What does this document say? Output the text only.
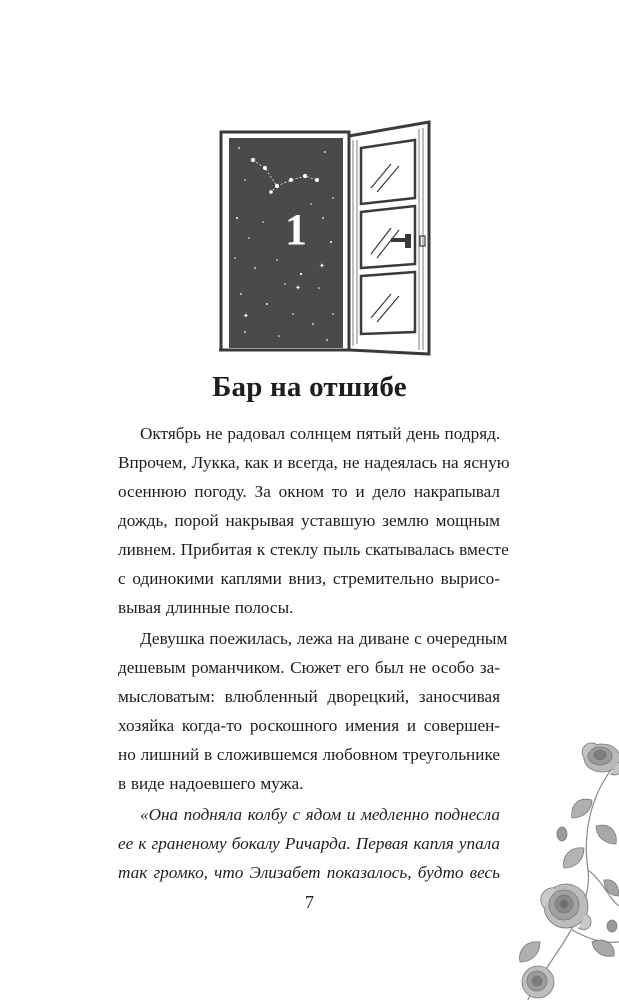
✦
✦
✦
1
Бар на отшибе

Октябрь не радовал солнцем пятый день подряд.
Впрочем, Лукка, как и всегда, не надеялась на ясную
осеннюю погоду. За окном то и дело накрапывал
дождь, порой накрывая уставшую землю мощным
ливнем. Прибитая к стеклу пыль скатывалась вместе
с одинокими каплями вниз, стремительно вырисо-
вывая длинные полосы.

Девушка поежилась, лежа на диване с очередным
дешевым романчиком. Сюжет его был не особо за-
мысловатым: влюбленный дворецкий, заносчивая
хозяйка когда-то роскошного имения и совершен-
но лишний в сложившемся любовном треугольнике
в виде надоевшего мужа.

«Она подняла колбу с ядом и медленно поднесла
ее к граненому бокалу Ричарда. Первая капля упала
так громко, что Элизабет показалось, будто весь

7
